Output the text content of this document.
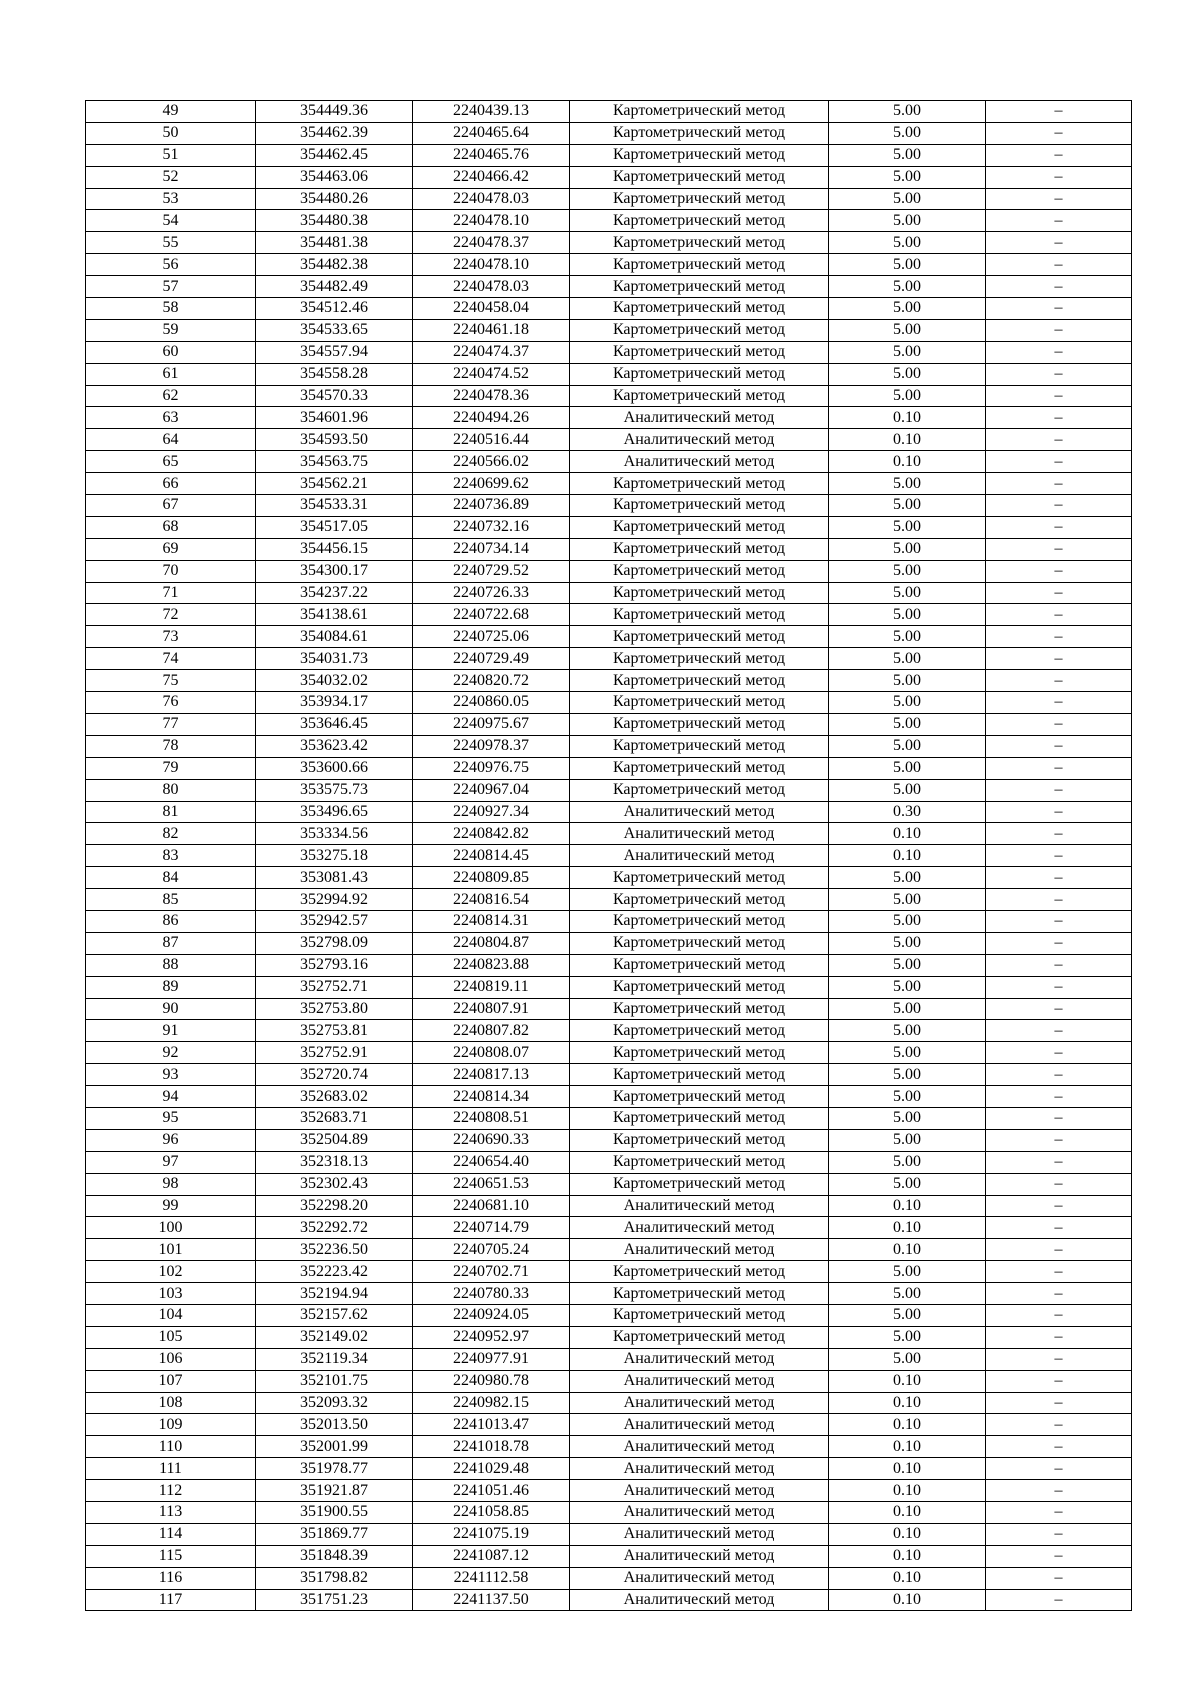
49	354449.36	2240439.13	Картометрический метод	5.00	–
50	354462.39	2240465.64	Картометрический метод	5.00	–
51	354462.45	2240465.76	Картометрический метод	5.00	–
52	354463.06	2240466.42	Картометрический метод	5.00	–
53	354480.26	2240478.03	Картометрический метод	5.00	–
54	354480.38	2240478.10	Картометрический метод	5.00	–
55	354481.38	2240478.37	Картометрический метод	5.00	–
56	354482.38	2240478.10	Картометрический метод	5.00	–
57	354482.49	2240478.03	Картометрический метод	5.00	–
58	354512.46	2240458.04	Картометрический метод	5.00	–
59	354533.65	2240461.18	Картометрический метод	5.00	–
60	354557.94	2240474.37	Картометрический метод	5.00	–
61	354558.28	2240474.52	Картометрический метод	5.00	–
62	354570.33	2240478.36	Картометрический метод	5.00	–
63	354601.96	2240494.26	Аналитический метод	0.10	–
64	354593.50	2240516.44	Аналитический метод	0.10	–
65	354563.75	2240566.02	Аналитический метод	0.10	–
66	354562.21	2240699.62	Картометрический метод	5.00	–
67	354533.31	2240736.89	Картометрический метод	5.00	–
68	354517.05	2240732.16	Картометрический метод	5.00	–
69	354456.15	2240734.14	Картометрический метод	5.00	–
70	354300.17	2240729.52	Картометрический метод	5.00	–
71	354237.22	2240726.33	Картометрический метод	5.00	–
72	354138.61	2240722.68	Картометрический метод	5.00	–
73	354084.61	2240725.06	Картометрический метод	5.00	–
74	354031.73	2240729.49	Картометрический метод	5.00	–
75	354032.02	2240820.72	Картометрический метод	5.00	–
76	353934.17	2240860.05	Картометрический метод	5.00	–
77	353646.45	2240975.67	Картометрический метод	5.00	–
78	353623.42	2240978.37	Картометрический метод	5.00	–
79	353600.66	2240976.75	Картометрический метод	5.00	–
80	353575.73	2240967.04	Картометрический метод	5.00	–
81	353496.65	2240927.34	Аналитический метод	0.30	–
82	353334.56	2240842.82	Аналитический метод	0.10	–
83	353275.18	2240814.45	Аналитический метод	0.10	–
84	353081.43	2240809.85	Картометрический метод	5.00	–
85	352994.92	2240816.54	Картометрический метод	5.00	–
86	352942.57	2240814.31	Картометрический метод	5.00	–
87	352798.09	2240804.87	Картометрический метод	5.00	–
88	352793.16	2240823.88	Картометрический метод	5.00	–
89	352752.71	2240819.11	Картометрический метод	5.00	–
90	352753.80	2240807.91	Картометрический метод	5.00	–
91	352753.81	2240807.82	Картометрический метод	5.00	–
92	352752.91	2240808.07	Картометрический метод	5.00	–
93	352720.74	2240817.13	Картометрический метод	5.00	–
94	352683.02	2240814.34	Картометрический метод	5.00	–
95	352683.71	2240808.51	Картометрический метод	5.00	–
96	352504.89	2240690.33	Картометрический метод	5.00	–
97	352318.13	2240654.40	Картометрический метод	5.00	–
98	352302.43	2240651.53	Картометрический метод	5.00	–
99	352298.20	2240681.10	Аналитический метод	0.10	–
100	352292.72	2240714.79	Аналитический метод	0.10	–
101	352236.50	2240705.24	Аналитический метод	0.10	–
102	352223.42	2240702.71	Картометрический метод	5.00	–
103	352194.94	2240780.33	Картометрический метод	5.00	–
104	352157.62	2240924.05	Картометрический метод	5.00	–
105	352149.02	2240952.97	Картометрический метод	5.00	–
106	352119.34	2240977.91	Аналитический метод	5.00	–
107	352101.75	2240980.78	Аналитический метод	0.10	–
108	352093.32	2240982.15	Аналитический метод	0.10	–
109	352013.50	2241013.47	Аналитический метод	0.10	–
110	352001.99	2241018.78	Аналитический метод	0.10	–
111	351978.77	2241029.48	Аналитический метод	0.10	–
112	351921.87	2241051.46	Аналитический метод	0.10	–
113	351900.55	2241058.85	Аналитический метод	0.10	–
114	351869.77	2241075.19	Аналитический метод	0.10	–
115	351848.39	2241087.12	Аналитический метод	0.10	–
116	351798.82	2241112.58	Аналитический метод	0.10	–
117	351751.23	2241137.50	Аналитический метод	0.10	–
